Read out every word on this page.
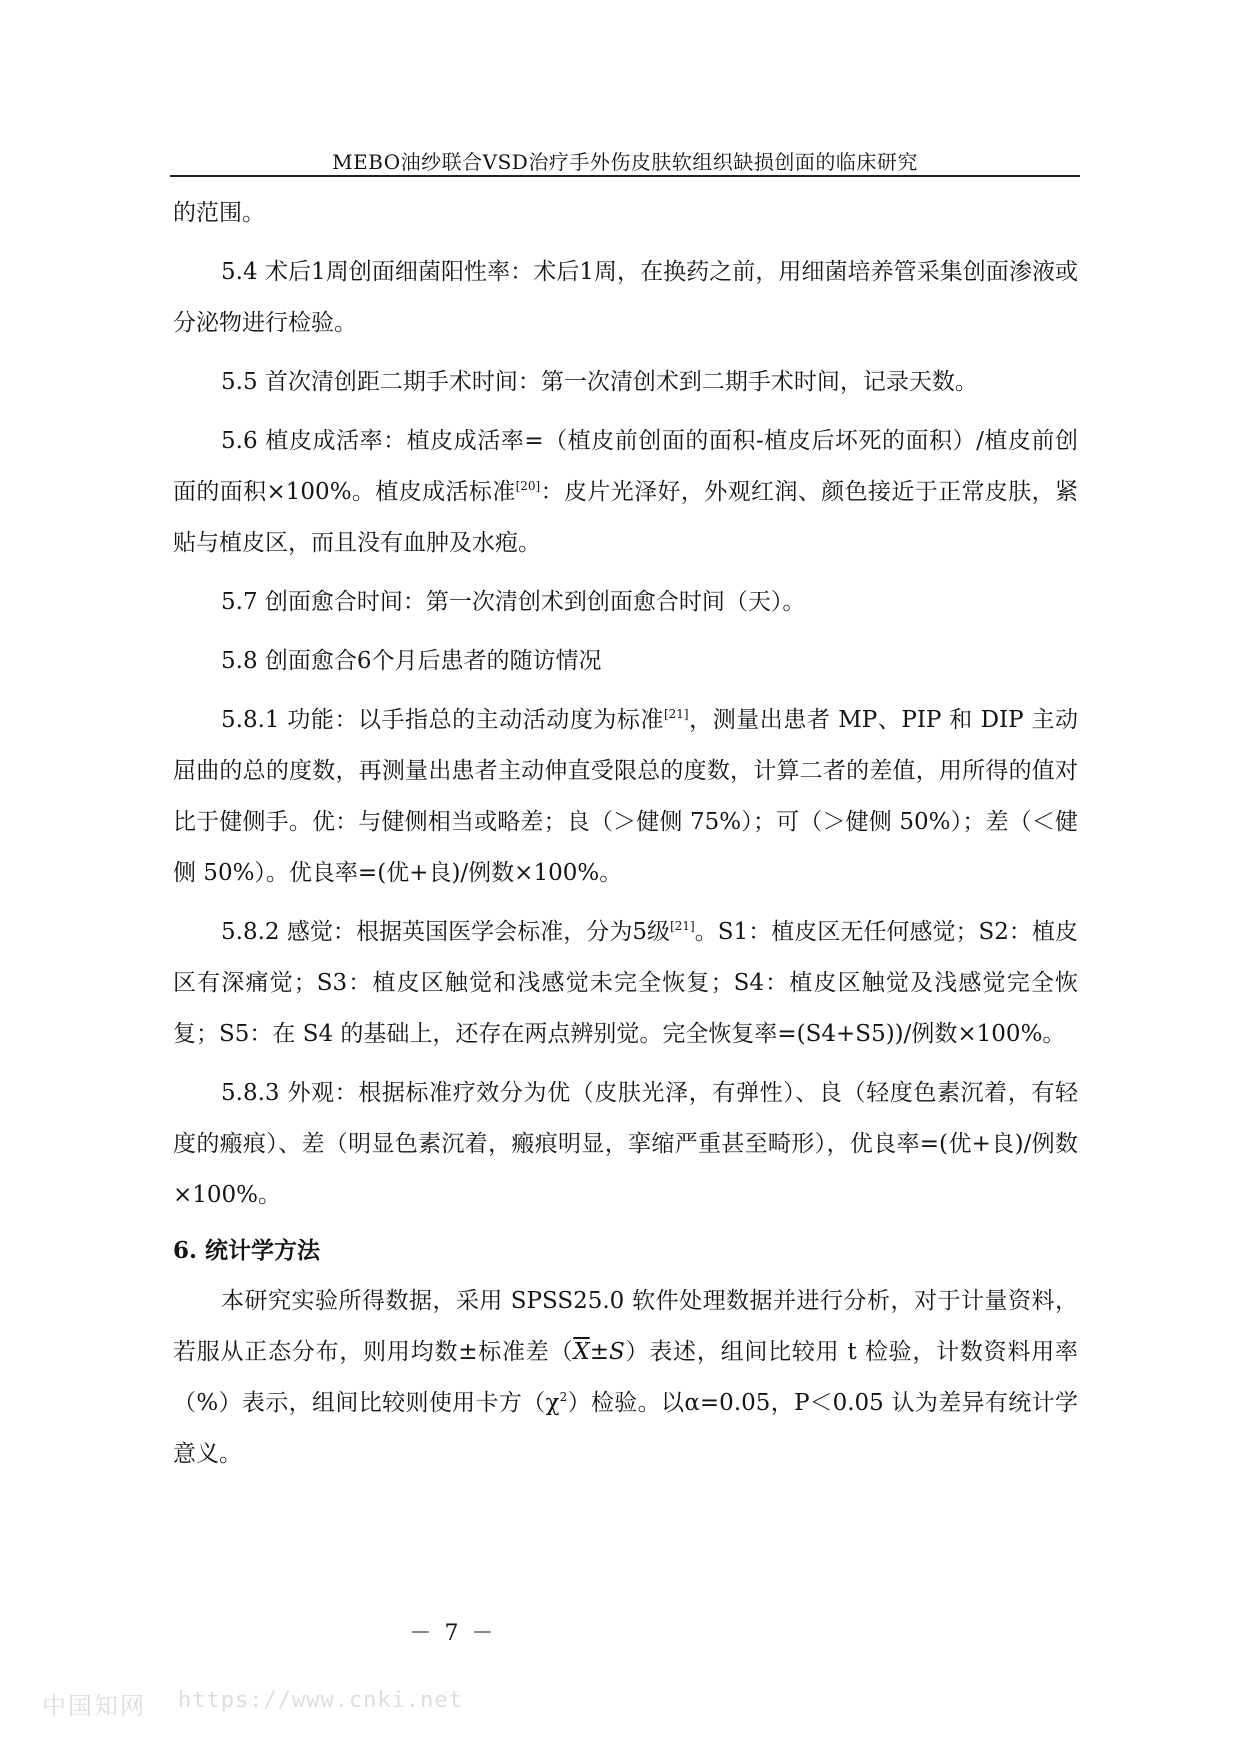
MEBO油纱联合VSD治疗手外伤皮肤软组织缺损创面的临床研究

的范围。

5.4 术后1周创面细菌阳性率：术后1周，在换药之前，用细菌培养管采集创面渗液或分泌物进行检验。

5.5 首次清创距二期手术时间：第一次清创术到二期手术时间，记录天数。

5.6 植皮成活率：植皮成活率=（植皮前创面的面积-植皮后坏死的面积）/植皮前创面的面积×100%。植皮成活标准[20]：皮片光泽好，外观红润、颜色接近于正常皮肤，紧贴与植皮区，而且没有血肿及水疱。

5.7 创面愈合时间：第一次清创术到创面愈合时间（天）。

5.8 创面愈合6个月后患者的随访情况

5.8.1 功能：以手指总的主动活动度为标准[21]，测量出患者 MP、PIP 和 DIP 主动屈曲的总的度数，再测量出患者主动伸直受限总的度数，计算二者的差值，用所得的值对比于健侧手。优：与健侧相当或略差；良（＞健侧 75%）；可（＞健侧 50%）；差（＜健侧 50%）。优良率=(优+良)/例数×100%。

5.8.2 感觉：根据英国医学会标准，分为5级[21]。S1：植皮区无任何感觉；S2：植皮区有深痛觉；S3：植皮区触觉和浅感觉未完全恢复；S4：植皮区触觉及浅感觉完全恢复；S5：在 S4 的基础上，还存在两点辨别觉。完全恢复率=(S4+S5))/例数×100%。

5.8.3 外观：根据标准疗效分为优（皮肤光泽，有弹性）、良（轻度色素沉着，有轻度的瘢痕）、差（明显色素沉着，瘢痕明显，挛缩严重甚至畸形），优良率=(优+良)/例数×100%。

6. 统计学方法

本研究实验所得数据，采用 SPSS25.0 软件处理数据并进行分析，对于计量资料，若服从正态分布，则用均数±标准差$(\overline{X}\pm S)$表述，组间比较用 t 检验，计数资料用率（%）表示，组间比较则使用卡方$(\chi^2)$检验。以α=0.05，P＜0.05 认为差异有统计学意义。

－ 7 －
中国知网 https://www.cnki.net
